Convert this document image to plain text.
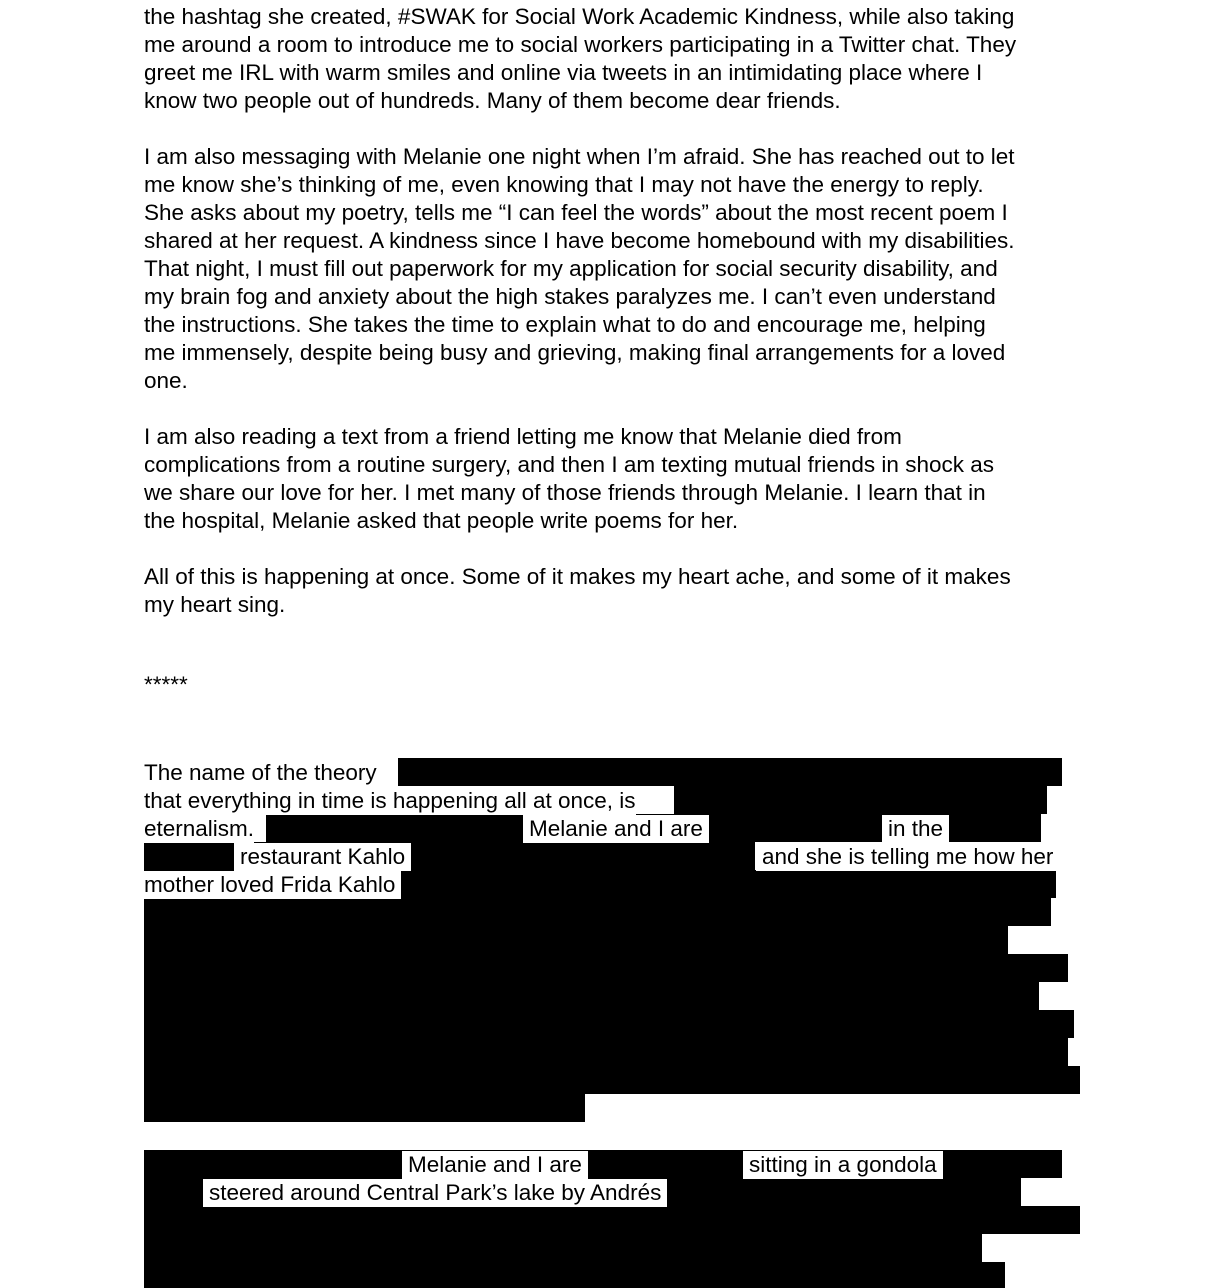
the hashtag she created, #SWAK for Social Work Academic Kindness, while also taking
me around a room to introduce me to social workers participating in a Twitter chat. They
greet me IRL with warm smiles and online via tweets in an intimidating place where I
know two people out of hundreds. Many of them become dear friends.
I am also messaging with Melanie one night when I’m afraid. She has reached out to let
me know she’s thinking of me, even knowing that I may not have the energy to reply.
She asks about my poetry, tells me “I can feel the words” about the most recent poem I
shared at her request. A kindness since I have become homebound with my disabilities.
That night, I must fill out paperwork for my application for social security disability, and
my brain fog and anxiety about the high stakes paralyzes me. I can’t even understand
the instructions. She takes the time to explain what to do and encourage me, helping
me immensely, despite being busy and grieving, making final arrangements for a loved
one.
I am also reading a text from a friend letting me know that Melanie died from
complications from a routine surgery, and then I am texting mutual friends in shock as
we share our love for her. I met many of those friends through Melanie. I learn that in
the hospital, Melanie asked that people write poems for her.
All of this is happening at once. Some of it makes my heart ache, and some of it makes
my heart sing.
*****
The name of the theory
that everything in time is happening all at once, is
eternalism.	Melanie and I are	in the
restaurant Kahlo	and she is telling me how her
mother loved Frida Kahlo
Melanie and I are	sitting in a gondola
steered around Central Park’s lake by Andrés
